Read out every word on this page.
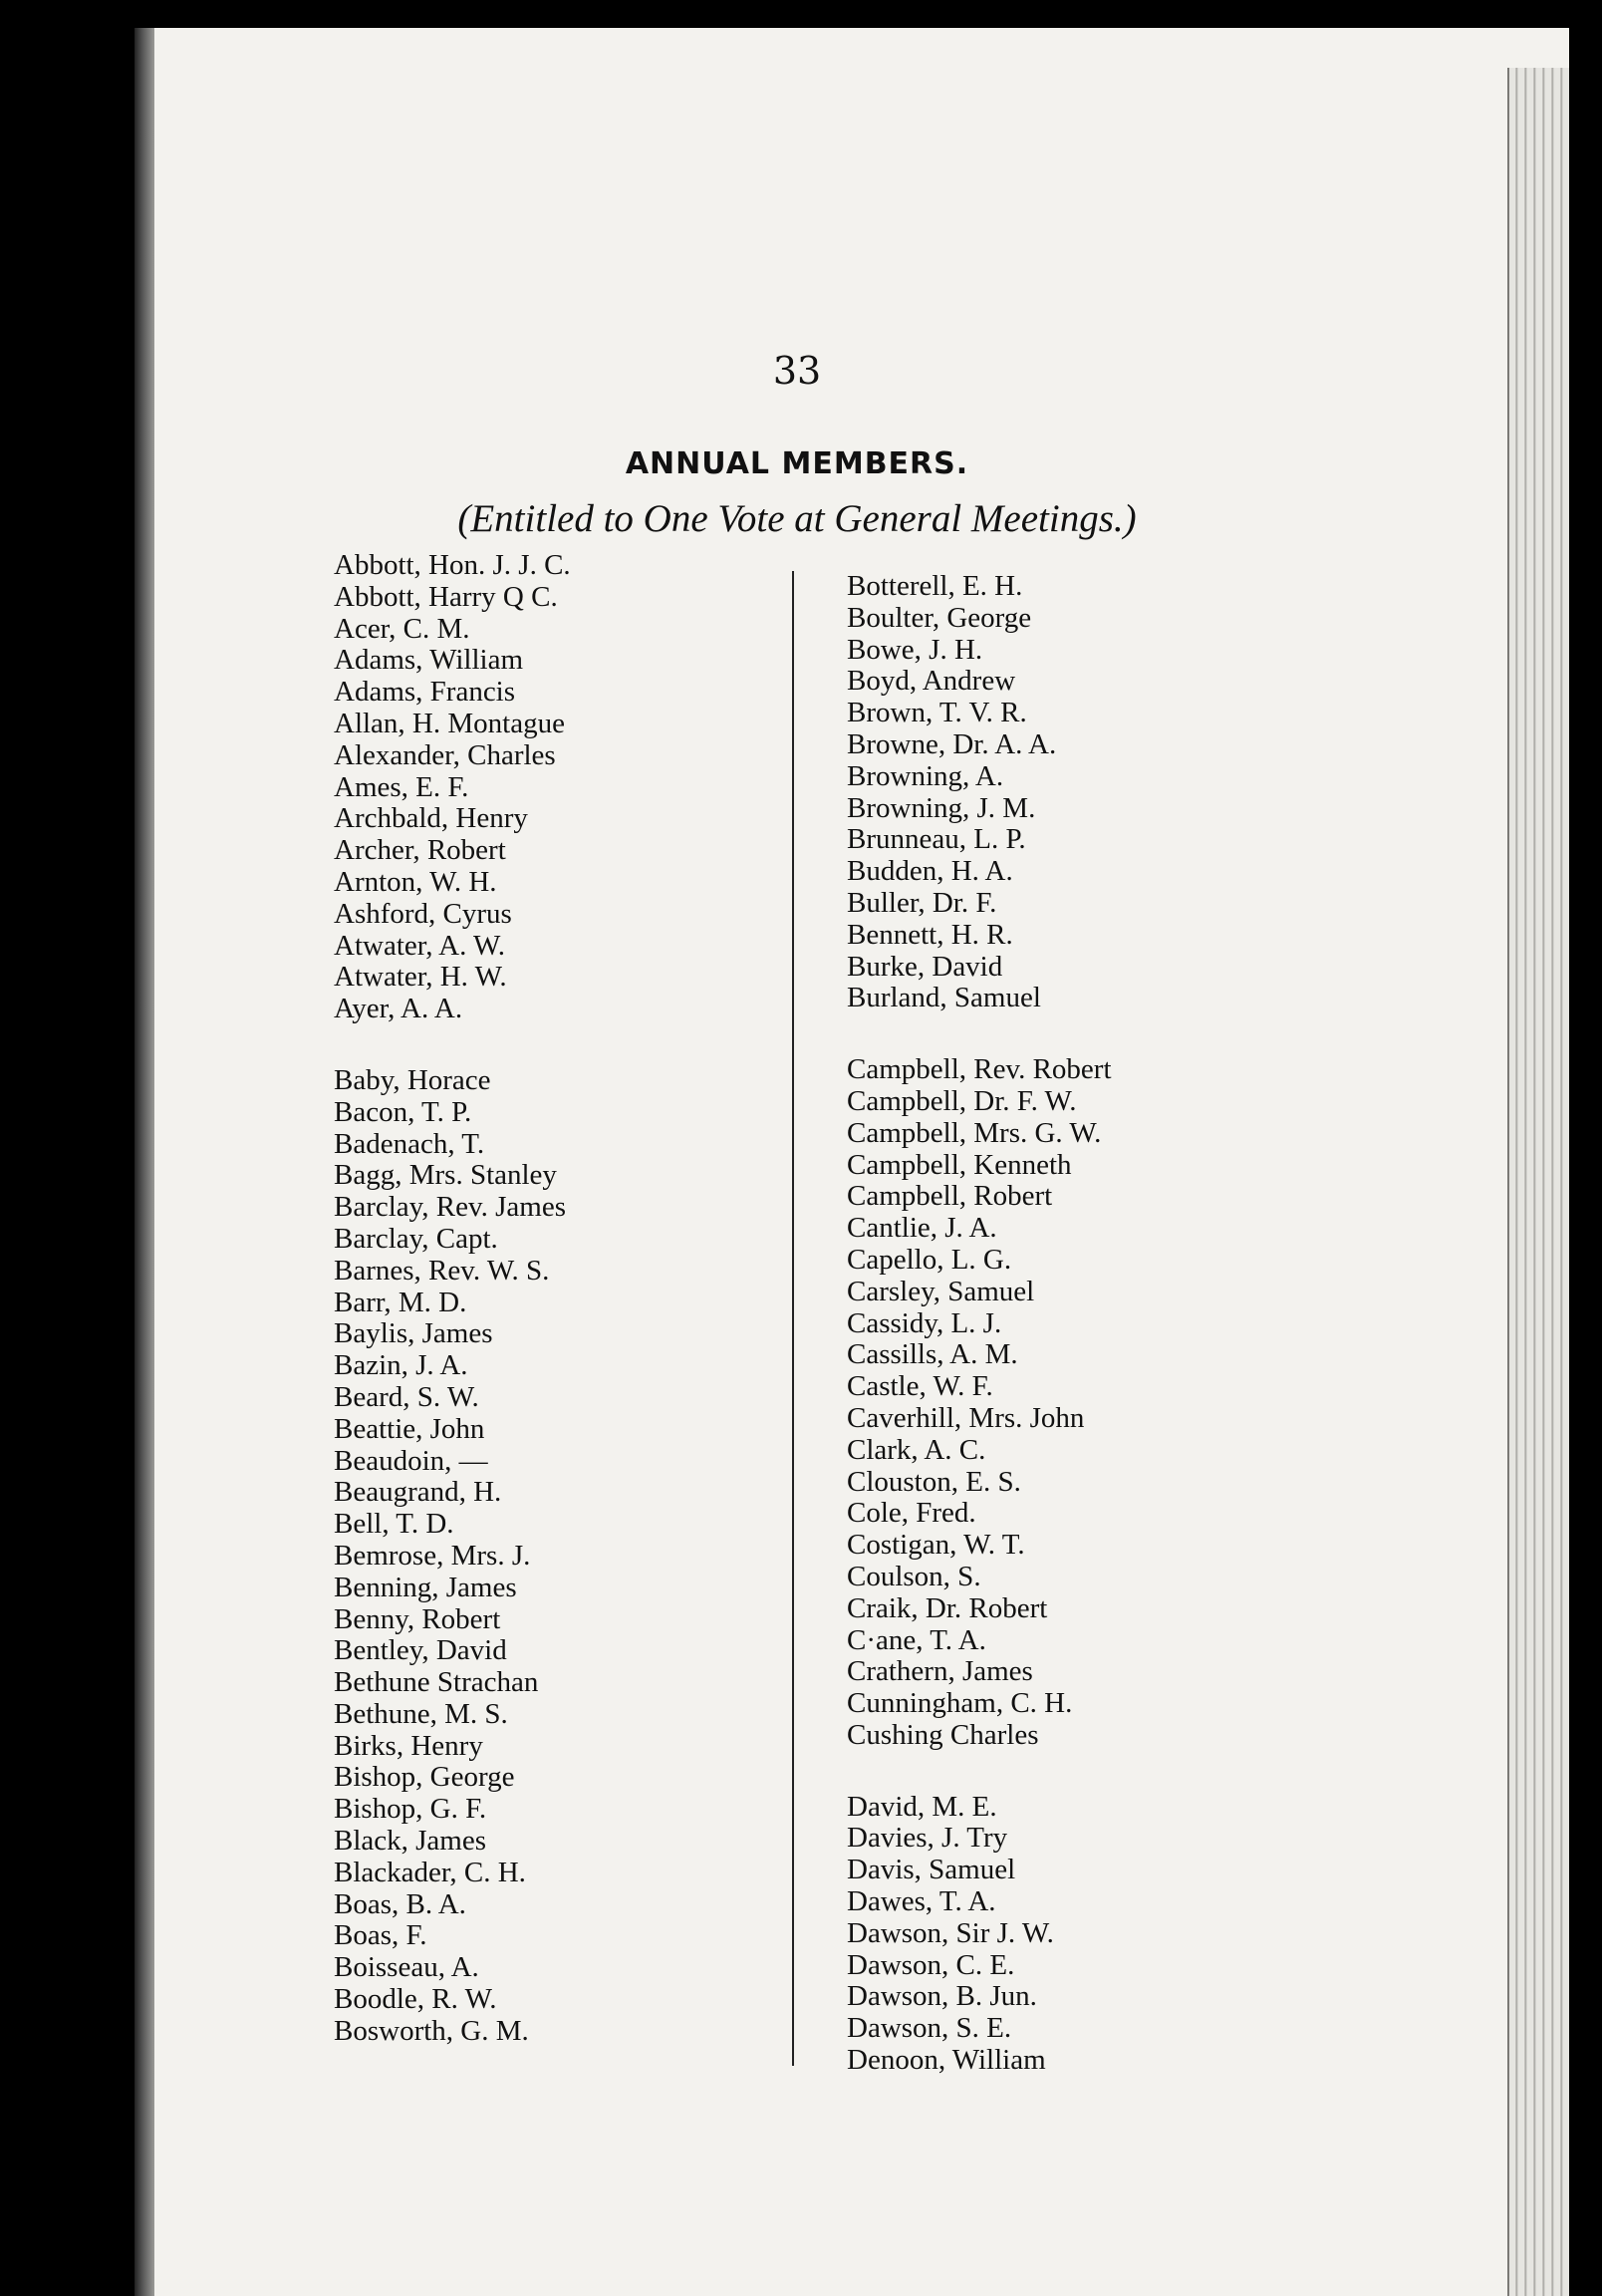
33
ANNUAL MEMBERS.
(Entitled to One Vote at General Meetings.)
Abbott, Hon. J. J. C.
Abbott, Harry Q C.
Acer, C. M.
Adams, William
Adams, Francis
Allan, H. Montague
Alexander, Charles
Ames, E. F.
Archbald, Henry
Archer, Robert
Arnton, W. H.
Ashford, Cyrus
Atwater, A. W.
Atwater, H. W.
Ayer, A. A.
Baby, Horace
Bacon, T. P.
Badenach, T.
Bagg, Mrs. Stanley
Barclay, Rev. James
Barclay, Capt.
Barnes, Rev. W. S.
Barr, M. D.
Baylis, James
Bazin, J. A.
Beard, S. W.
Beattie, John
Beaudoin, —
Beaugrand, H.
Bell, T. D.
Bemrose, Mrs. J.
Benning, James
Benny, Robert
Bentley, David
Bethune Strachan
Bethune, M. S.
Birks, Henry
Bishop, George
Bishop, G. F.
Black, James
Blackader, C. H.
Boas, B. A.
Boas, F.
Boisseau, A.
Boodle, R. W.
Bosworth, G. M.
Botterell, E. H.
Boulter, George
Bowe, J. H.
Boyd, Andrew
Brown, T. V. R.
Browne, Dr. A. A.
Browning, A.
Browning, J. M.
Brunneau, L. P.
Budden, H. A.
Buller, Dr. F.
Bennett, H. R.
Burke, David
Burland, Samuel
Campbell, Rev. Robert
Campbell, Dr. F. W.
Campbell, Mrs. G. W.
Campbell, Kenneth
Campbell, Robert
Cantlie, J. A.
Capello, L. G.
Carsley, Samuel
Cassidy, L. J.
Cassills, A. M.
Castle, W. F.
Caverhill, Mrs. John
Clark, A. C.
Clouston, E. S.
Cole, Fred.
Costigan, W. T.
Coulson, S.
Craik, Dr. Robert
C·ane, T. A.
Crathern, James
Cunningham, C. H.
Cushing Charles
David, M. E.
Davies, J. Try
Davis, Samuel
Dawes, T. A.
Dawson, Sir J. W.
Dawson, C. E.
Dawson, B. Jun.
Dawson, S. E.
Denoon, William
